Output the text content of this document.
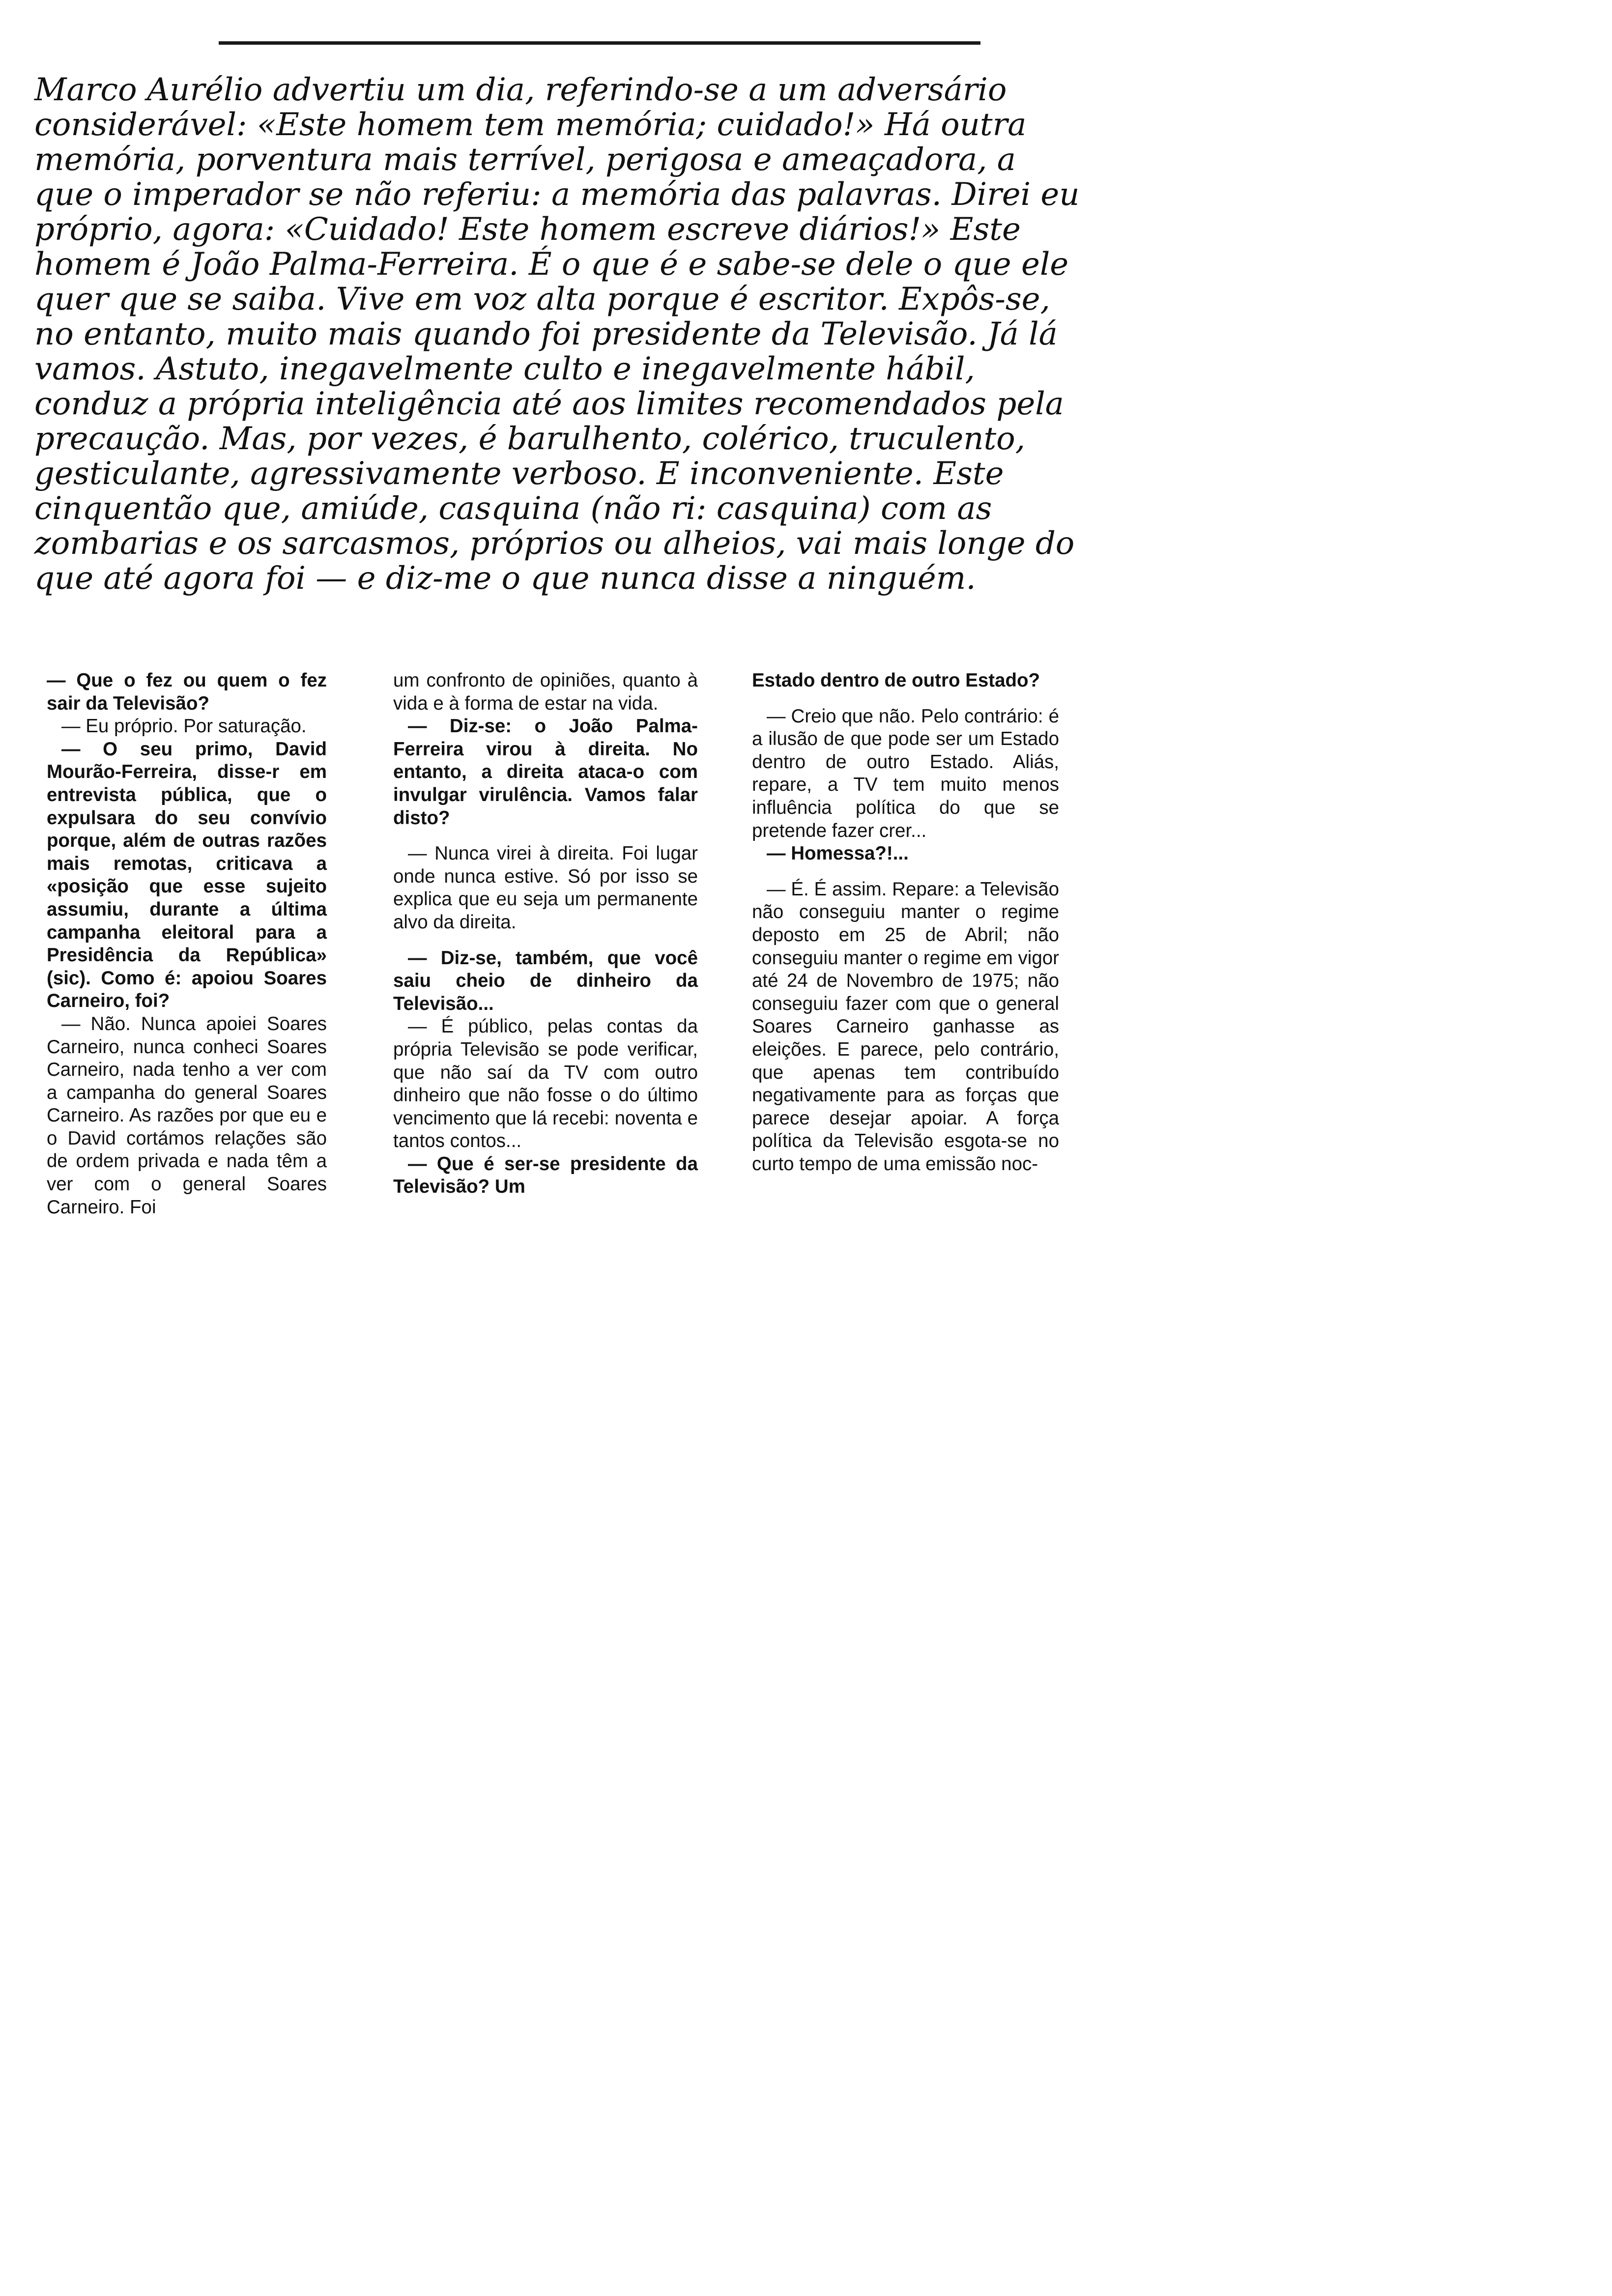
Marco Aurélio advertiu um dia, referindo-se a um adversário considerável: «Este homem tem memória; cuidado!» Há outra memória, porventura mais terrível, perigosa e ameaçadora, a que o imperador se não referiu: a memória das palavras. Direi eu próprio, agora: «Cuidado! Este homem escreve diários!» Este homem é João Palma-Ferreira. É o que é e sabe-se dele o que ele quer que se saiba. Vive em voz alta porque é escritor. Expôs-se, no entanto, muito mais quando foi presidente da Televisão. Já lá vamos. Astuto, inegavelmente culto e inegavelmente hábil, conduz a própria inteligência até aos limites recomendados pela precaução. Mas, por vezes, é barulhento, colérico, truculento, gesticulante, agressivamente verboso. E inconveniente. Este cinquentão que, amiúde, casquina (não ri: casquina) com as zombarias e os sarcasmos, próprios ou alheios, vai mais longe do que até agora foi — e diz-me o que nunca disse a ninguém.

— Que o fez ou quem o fez sair da Televisão?

— Eu próprio. Por saturação.

— O seu primo, David Mourão-Ferreira, disse-r em entrevista pública, que o expulsara do seu convívio porque, além de outras razões mais remotas, criticava a «posição que esse sujeito assumiu, durante a última campanha eleitoral para a Presidência da República» (sic). Como é: apoiou Soares Carneiro, foi?

— Não. Nunca apoiei Soares Carneiro, nunca conheci Soares Carneiro, nada tenho a ver com a campanha do general Soares Carneiro. As razões por que eu e o David cortámos relações são de ordem privada e nada têm a ver com o general Soares Carneiro. Foi

um confronto de opiniões, quanto à vida e à forma de estar na vida.

— Diz-se: o João Palma-Ferreira virou à direita. No entanto, a direita ataca-o com invulgar virulência. Vamos falar disto?

— Nunca virei à direita. Foi lugar onde nunca estive. Só por isso se explica que eu seja um permanente alvo da direita.

— Diz-se, também, que você saiu cheio de dinheiro da Televisão...

— É público, pelas contas da própria Televisão se pode verificar, que não saí da TV com outro dinheiro que não fosse o do último vencimento que lá recebi: noventa e tantos contos...

— Que é ser-se presidente da Televisão? Um

Estado dentro de outro Estado?

— Creio que não. Pelo contrário: é a ilusão de que pode ser um Estado dentro de outro Estado. Aliás, repare, a TV tem muito menos influência política do que se pretende fazer crer...

— Homessa?!...

— É. É assim. Repare: a Televisão não conseguiu manter o regime deposto em 25 de Abril; não conseguiu manter o regime em vigor até 24 de Novembro de 1975; não conseguiu fazer com que o general Soares Carneiro ganhasse as eleições. E parece, pelo contrário, que apenas tem contribuído negativamente para as forças que parece desejar apoiar. A força política da Televisão esgota-se no curto tempo de uma emissão noc-
